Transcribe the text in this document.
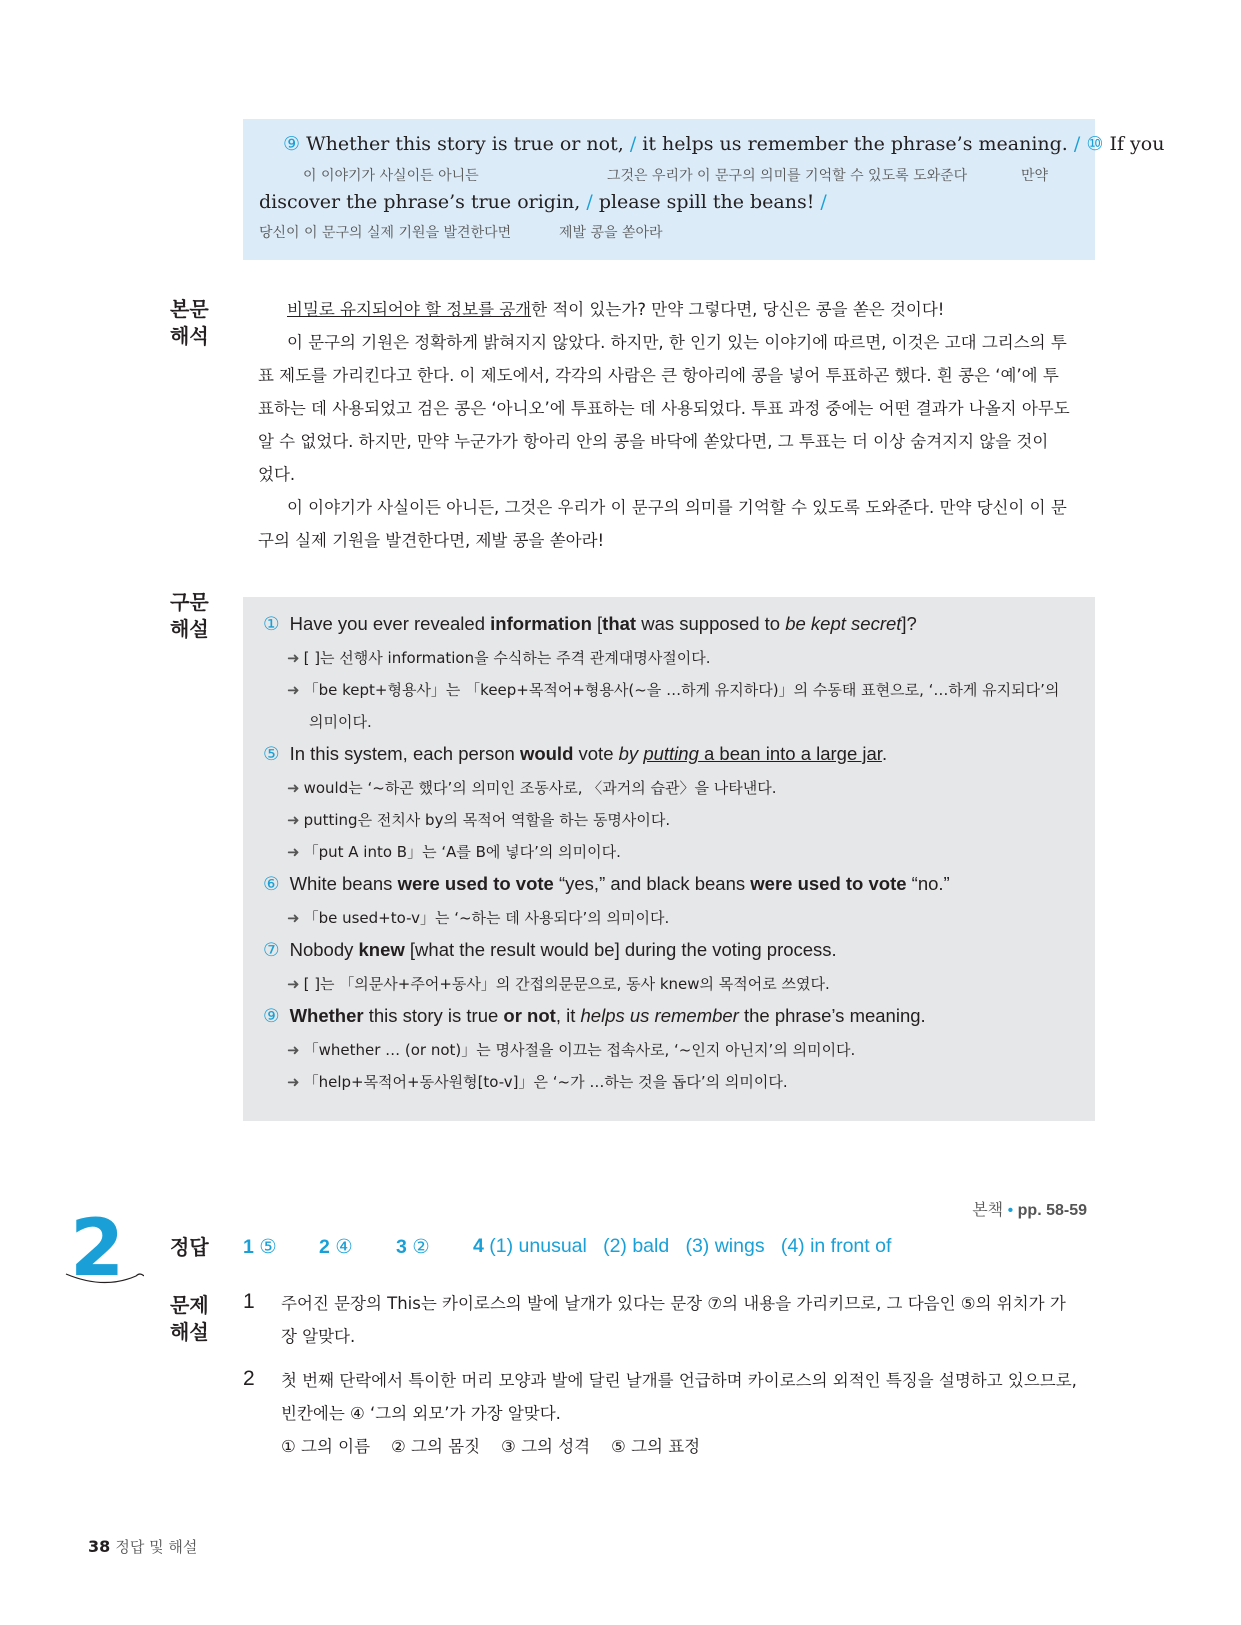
⑨ Whether this story is true or not, / it helps us remember the phrase’s meaning. / ⑩ If you
이 이야기가 사실이든 아니든	그것은 우리가 이 문구의 의미를 기억할 수 있도록 도와준다	만약
discover the phrase’s true origin, / please spill the beans! /
당신이 이 문구의 실제 기원을 발견한다면	제발 콩을 쏟아라
본문
해석
비밀로 유지되어야 할 정보를 공개한 적이 있는가? 만약 그렇다면, 당신은 콩을 쏟은 것이다!
이 문구의 기원은 정확하게 밝혀지지 않았다. 하지만, 한 인기 있는 이야기에 따르면, 이것은 고대 그리스의 투
표 제도를 가리킨다고 한다. 이 제도에서, 각각의 사람은 큰 항아리에 콩을 넣어 투표하곤 했다. 흰 콩은 ‘예’에 투
표하는 데 사용되었고 검은 콩은 ‘아니오’에 투표하는 데 사용되었다. 투표 과정 중에는 어떤 결과가 나올지 아무도
알 수 없었다. 하지만, 만약 누군가가 항아리 안의 콩을 바닥에 쏟았다면, 그 투표는 더 이상 숨겨지지 않을 것이
었다.
이 이야기가 사실이든 아니든, 그것은 우리가 이 문구의 의미를 기억할 수 있도록 도와준다. 만약 당신이 이 문
구의 실제 기원을 발견한다면, 제발 콩을 쏟아라!
구문
해설	① Have you ever revealed information [that was supposed to be kept secret]?
➜ [ ]는 선행사 information을 수식하는 주격 관계대명사절이다.
➜ 「be kept+형용사」는 「keep+목적어+형용사(~을 …하게 유지하다)」의 수동태 표현으로, ‘…하게 유지되다’의
의미이다.
⑤ In this system, each person would vote by putting a bean into a large jar.
➜ would는 ‘~하곤 했다’의 의미인 조동사로, 〈과거의 습관〉을 나타낸다.
➜ putting은 전치사 by의 목적어 역할을 하는 동명사이다.
➜ 「put A into B」는 ‘A를 B에 넣다’의 의미이다.
⑥ White beans were used to vote “yes,” and black beans were used to vote “no.”
➜ 「be used+to-v」는 ‘~하는 데 사용되다’의 의미이다.
⑦ Nobody knew [what the result would be] during the voting process.
➜ [ ]는 「의문사+주어+동사」의 간접의문문으로, 동사 knew의 목적어로 쓰였다.
⑨ Whether this story is true or not, it helps us remember the phrase’s meaning.
➜ 「whether … (or not)」는 명사절을 이끄는 접속사로, ‘~인지 아닌지’의 의미이다.
➜ 「help+목적어+동사원형[to-v]」은 ‘~가 …하는 것을 돕다’의 의미이다.
본책 • pp. 58-59
2 정답 1 ⑤ 2 ④ 3 ② 4 (1) unusual   (2) bald   (3) wings   (4) in front of
문제
해설
1 주어진 문장의 This는 카이로스의 발에 날개가 있다는 문장 ⑦의 내용을 가리키므로, 그 다음인 ⑤의 위치가 가
장 알맞다.
2 첫 번째 단락에서 특이한 머리 모양과 발에 달린 날개를 언급하며 카이로스의 외적인 특징을 설명하고 있으므로,
빈칸에는 ④ ‘그의 외모’가 가장 알맞다.
① 그의 이름    ② 그의 몸짓    ③ 그의 성격    ⑤ 그의 표정
38 정답 및 해설
